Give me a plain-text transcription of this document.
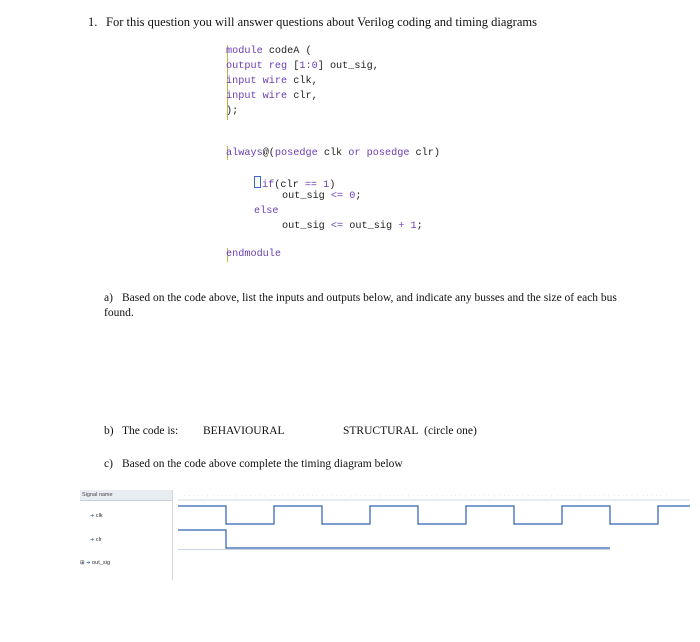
1. For this question you will answer questions about Verilog coding and timing diagrams
module codeA (
output reg [1:0] out_sig,
input wire clk,
input wire clr,
);
always@(posedge clk or posedge clr)
if(clr == 1)
out_sig <= 0;
else
out_sig <= out_sig + 1;
endmodule
a) Based on the code above, list the inputs and outputs below, and indicate any busses and the size of each bus found.
b) The code is: BEHAVIOURAL	STRUCTURAL (circle one)
c) Based on the code above complete the timing diagram below
Signal name	·····︙·····︙·····︙·····︙·····︙·····︙·····︙·····︙·····︙·····︙·····︙·····︙·····︙·····︙·····︙·····︙·····︙
➜ clk
➜ clr
⊞ ➜ out_sig
